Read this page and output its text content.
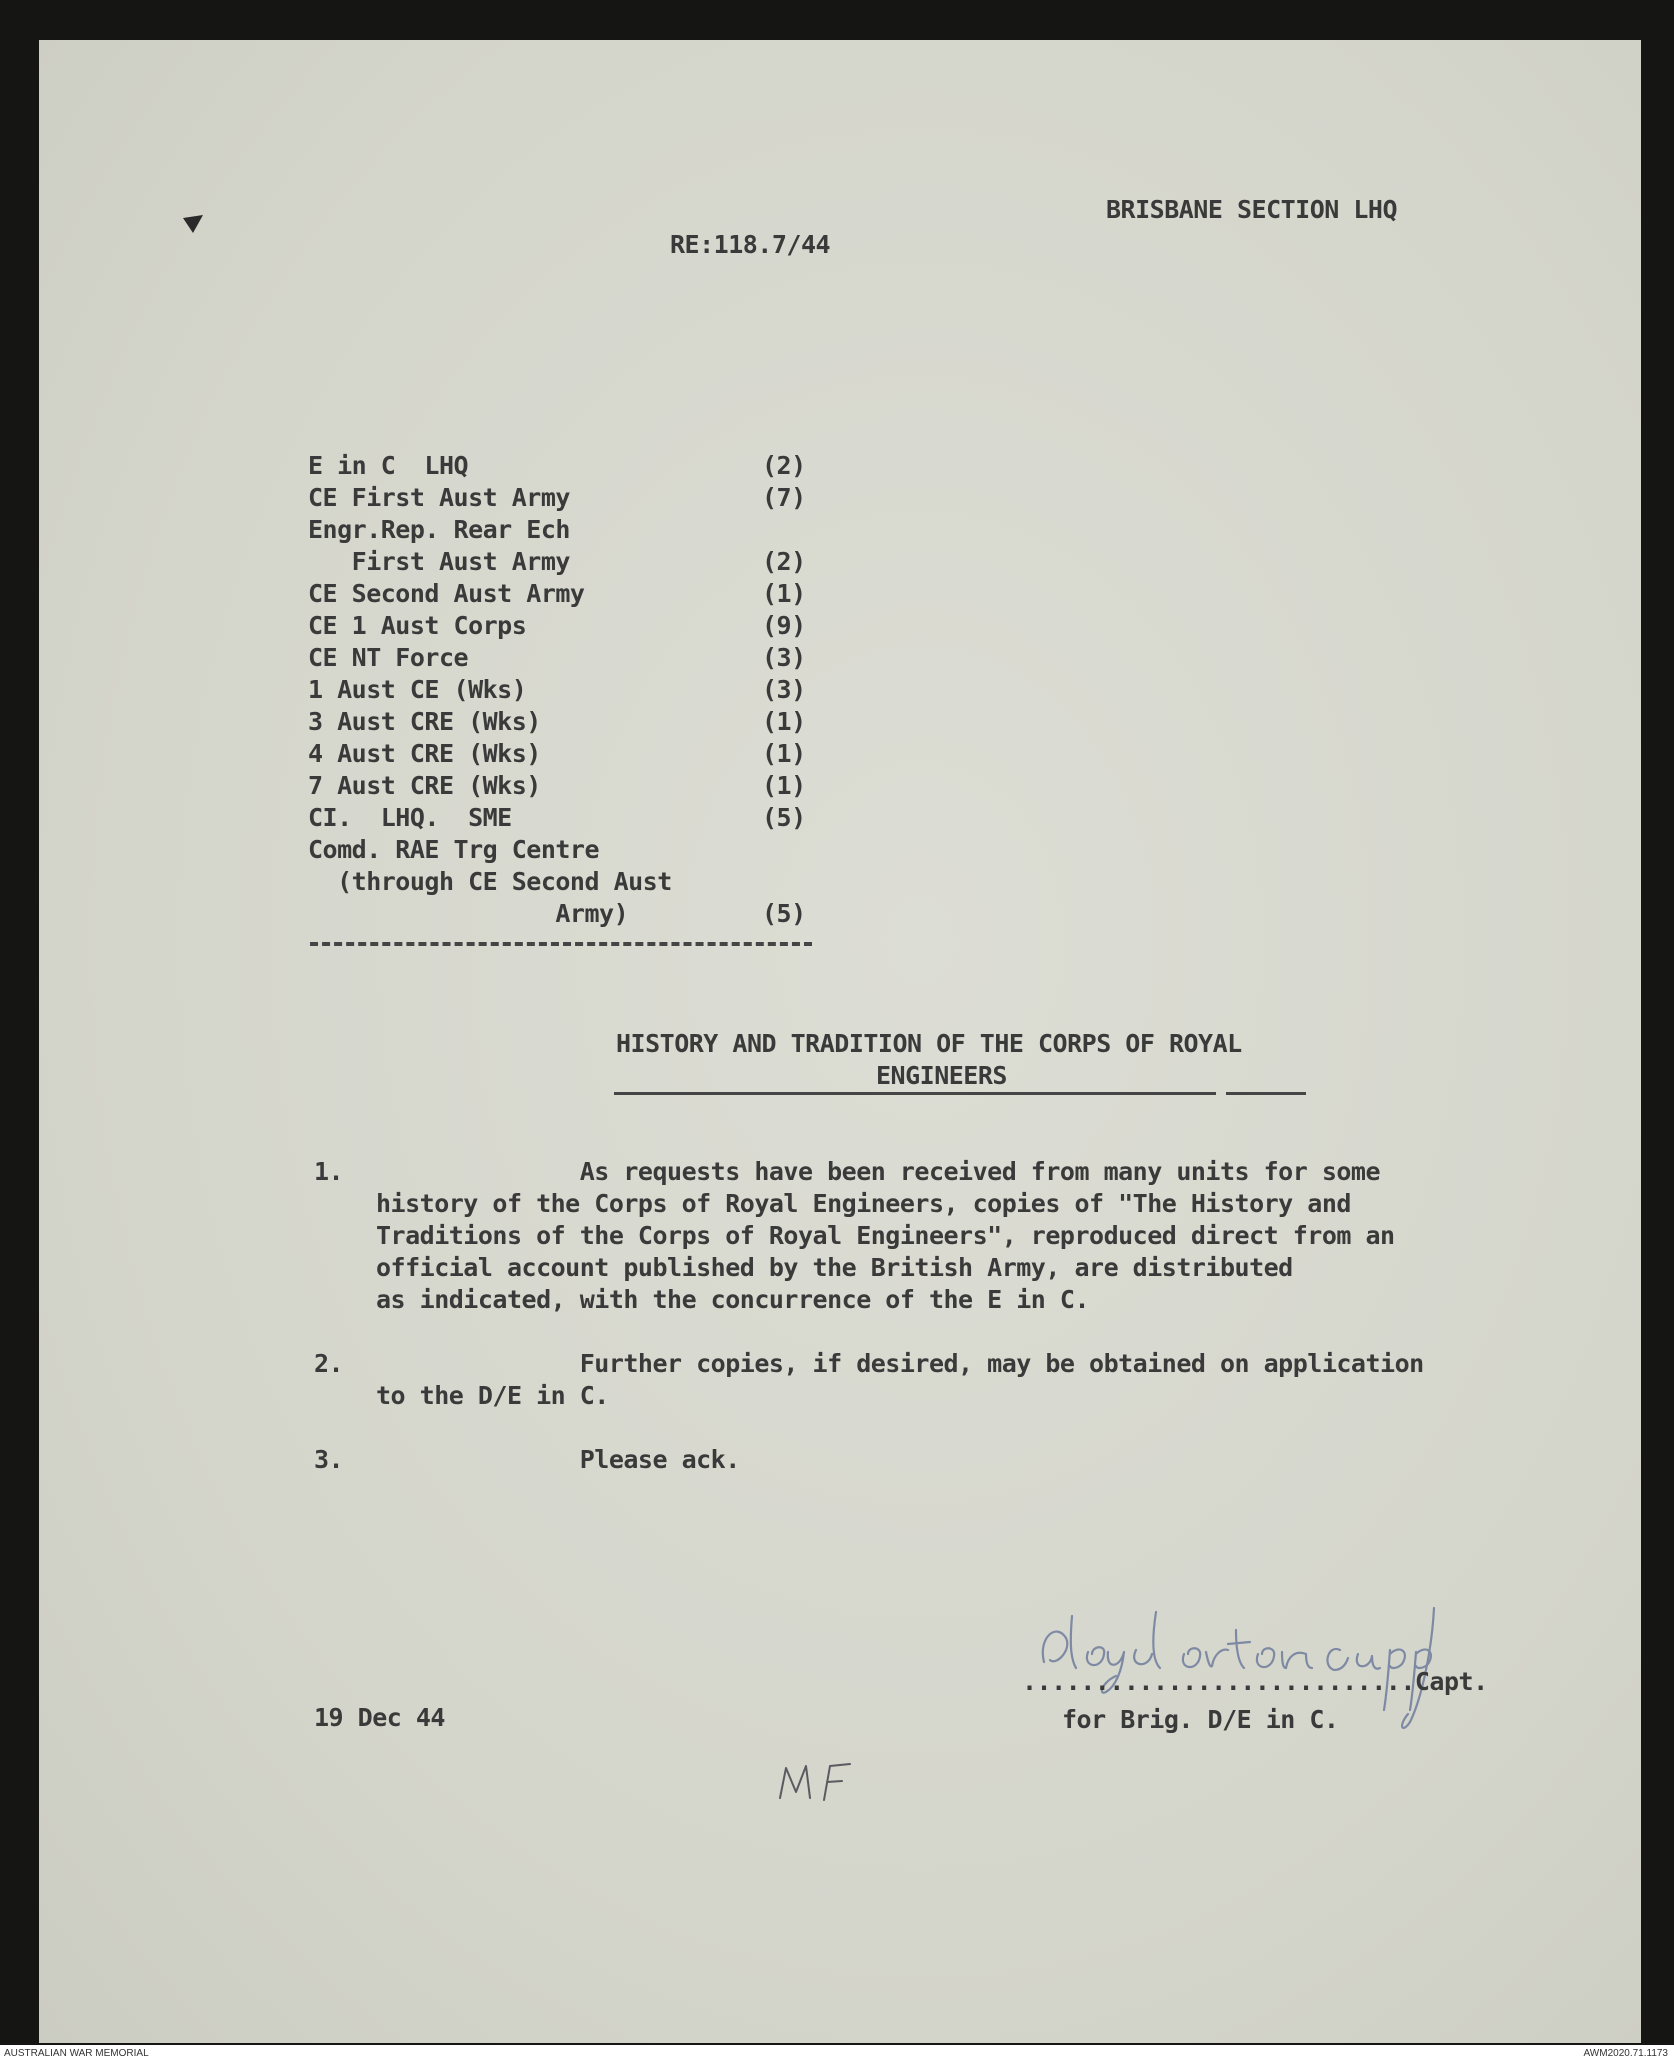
BRISBANE SECTION LHQ
RE:118.7/44
E in C  LHQ	(2)
CE First Aust Army	(7)
Engr.Rep. Rear Ech
First Aust Army	(2)
CE Second Aust Army	(1)
CE 1 Aust Corps	(9)
CE NT Force	(3)
1 Aust CE (Wks)	(3)
3 Aust CRE (Wks)	(1)
4 Aust CRE (Wks)	(1)
7 Aust CRE (Wks)	(1)
CI.  LHQ.  SME	(5)
Comd. RAE Trg Centre
(through CE Second Aust
Army)	(5)
HISTORY AND TRADITION OF THE CORPS OF ROYAL
ENGINEERS
1. As requests have been received from many units for some
history of the Corps of Royal Engineers, copies of "The History and
Traditions of the Corps of Royal Engineers", reproduced direct from an
official account published by the British Army, are distributed
as indicated, with the concurrence of the E in C.
2. Further copies, if desired, may be obtained on application
to the D/E in C.
3. Please ack.
...........................Capt.
for Brig. D/E in C.
19 Dec 44
AUSTRALIAN WAR MEMORIAL	AWM2020.71.1173
